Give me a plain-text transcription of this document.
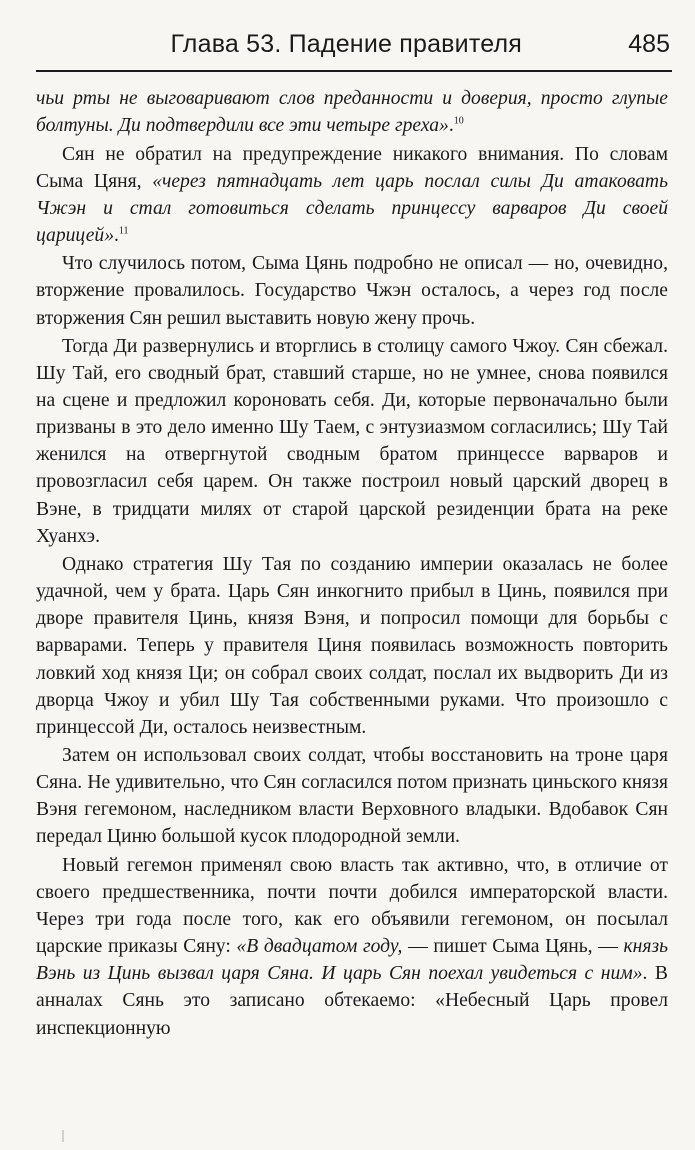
Глава 53. Падение правителя	485

чьи рты не выговаривают слов преданности и доверия, просто глупые болтуны. Ди подтвердили все эти четыре греха».$^{10}$

Сян не обратил на предупреждение никакого внимания. По словам Сыма Цяня, «через пятнадцать лет царь послал силы Ди атаковать Чжэн и стал готовиться сделать принцессу варваров Ди своей царицей».$^{11}$

Что случилось потом, Сыма Цянь подробно не описал — но, очевидно, вторжение провалилось. Государство Чжэн осталось, а через год после вторжения Сян решил выставить новую жену прочь.

Тогда Ди развернулись и вторглись в столицу самого Чжоу. Сян сбежал. Шу Тай, его сводный брат, ставший старше, но не умнее, снова появился на сцене и предложил короновать себя. Ди, которые первоначально были призваны в это дело именно Шу Таем, с энтузиазмом согласились; Шу Тай женился на отвергнутой сводным братом принцессе варваров и провозгласил себя царем. Он также построил новый царский дворец в Вэне, в тридцати милях от старой царской резиденции брата на реке Хуанхэ.

Однако стратегия Шу Тая по созданию империи оказалась не более удачной, чем у брата. Царь Сян инкогнито прибыл в Цинь, появился при дворе правителя Цинь, князя Вэня, и попросил помощи для борьбы с варварами. Теперь у правителя Циня появилась возможность повторить ловкий ход князя Ци; он собрал своих солдат, послал их выдворить Ди из дворца Чжоу и убил Шу Тая собственными руками. Что произошло с принцессой Ди, осталось неизвестным.

Затем он использовал своих солдат, чтобы восстановить на троне царя Сяна. Не удивительно, что Сян согласился потом признать циньского князя Вэня гегемоном, наследником власти Верховного владыки. Вдобавок Сян передал Циню большой кусок плодородной земли.

Новый гегемон применял свою власть так активно, что, в отличие от своего предшественника, почти почти добился императорской власти. Через три года после того, как его объявили гегемоном, он посылал царские приказы Сяну: «В двадцатом году, — пишет Сыма Цянь, — князь Вэнь из Цинь вызвал царя Сяна. И царь Сян поехал увидеться с ним». В анналах Сянь это записано обтекаемо: «Небесный Царь провел инспекционную
